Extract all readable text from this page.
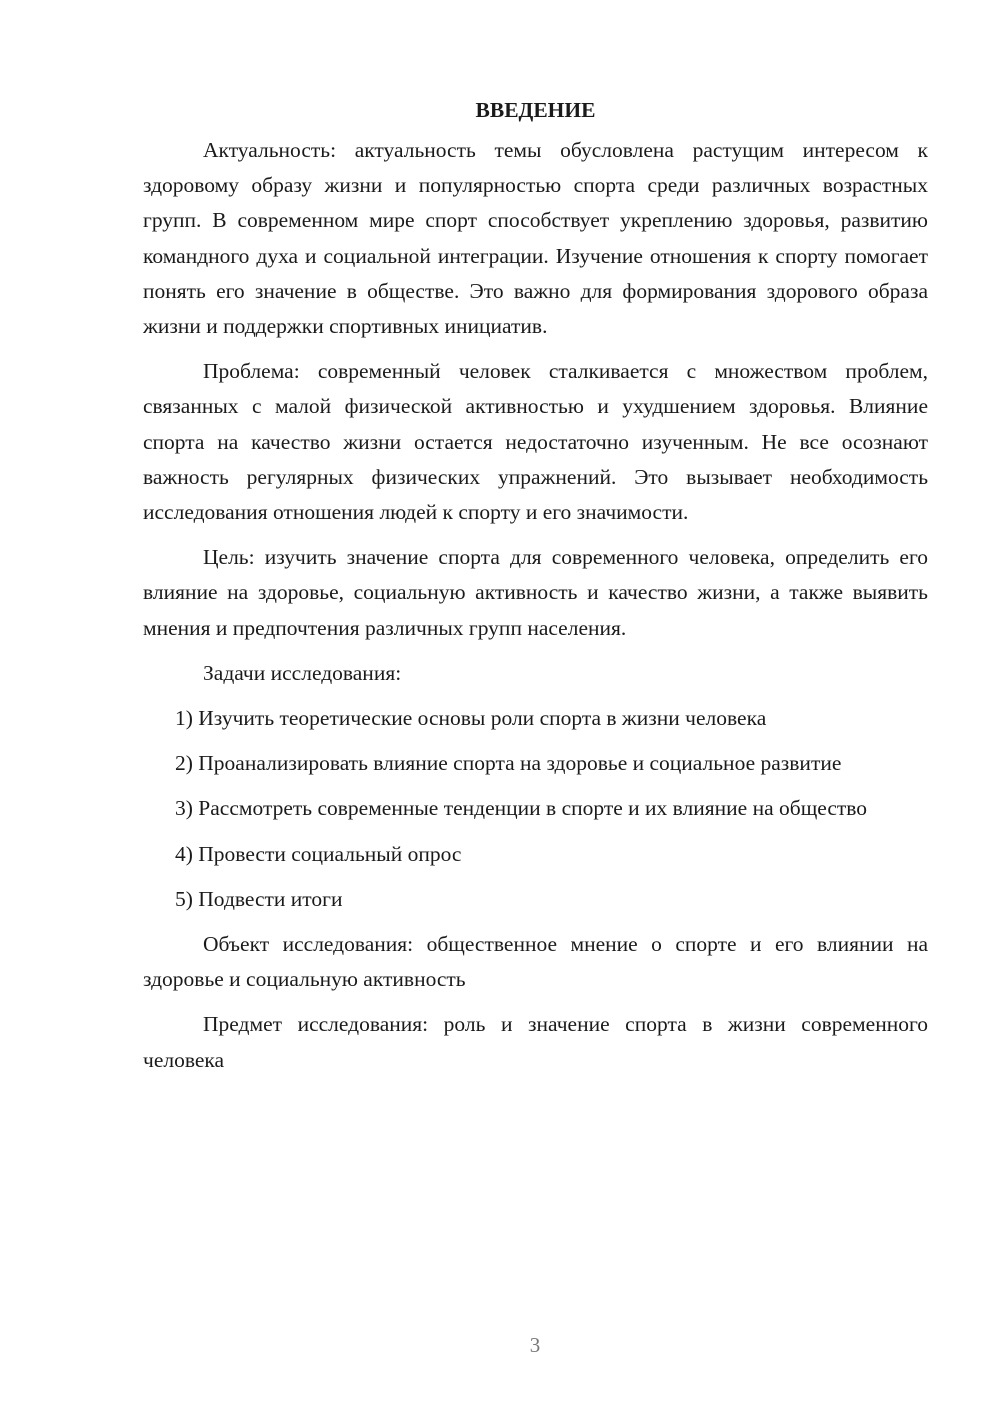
ВВЕДЕНИЕ

Актуальность: актуальность темы обусловлена растущим интересом к здоровому образу жизни и популярностью спорта среди различных возрастных групп. В современном мире спорт способствует укреплению здоровья, развитию командного духа и социальной интеграции. Изучение отношения к спорту помогает понять его значение в обществе. Это важно для формирования здорового образа жизни и поддержки спортивных инициатив.

Проблема: современный человек сталкивается с множеством проблем, связанных с малой физической активностью и ухудшением здоровья. Влияние спорта на качество жизни остается недостаточно изученным. Не все осознают важность регулярных физических упражнений. Это вызывает необходимость исследования отношения людей к спорту и его значимости.

Цель: изучить значение спорта для современного человека, определить его влияние на здоровье, социальную активность и качество жизни, а также выявить мнения и предпочтения различных групп населения.

Задачи исследования:

1) Изучить теоретические основы роли спорта в жизни человека

2) Проанализировать влияние спорта на здоровье и социальное развитие

3) Рассмотреть современные тенденции в спорте и их влияние на общество

4) Провести социальный опрос

5) Подвести итоги

Объект исследования: общественное мнение о спорте и его влиянии на здоровье и социальную активность

Предмет исследования: роль и значение спорта в жизни современного человека

3
